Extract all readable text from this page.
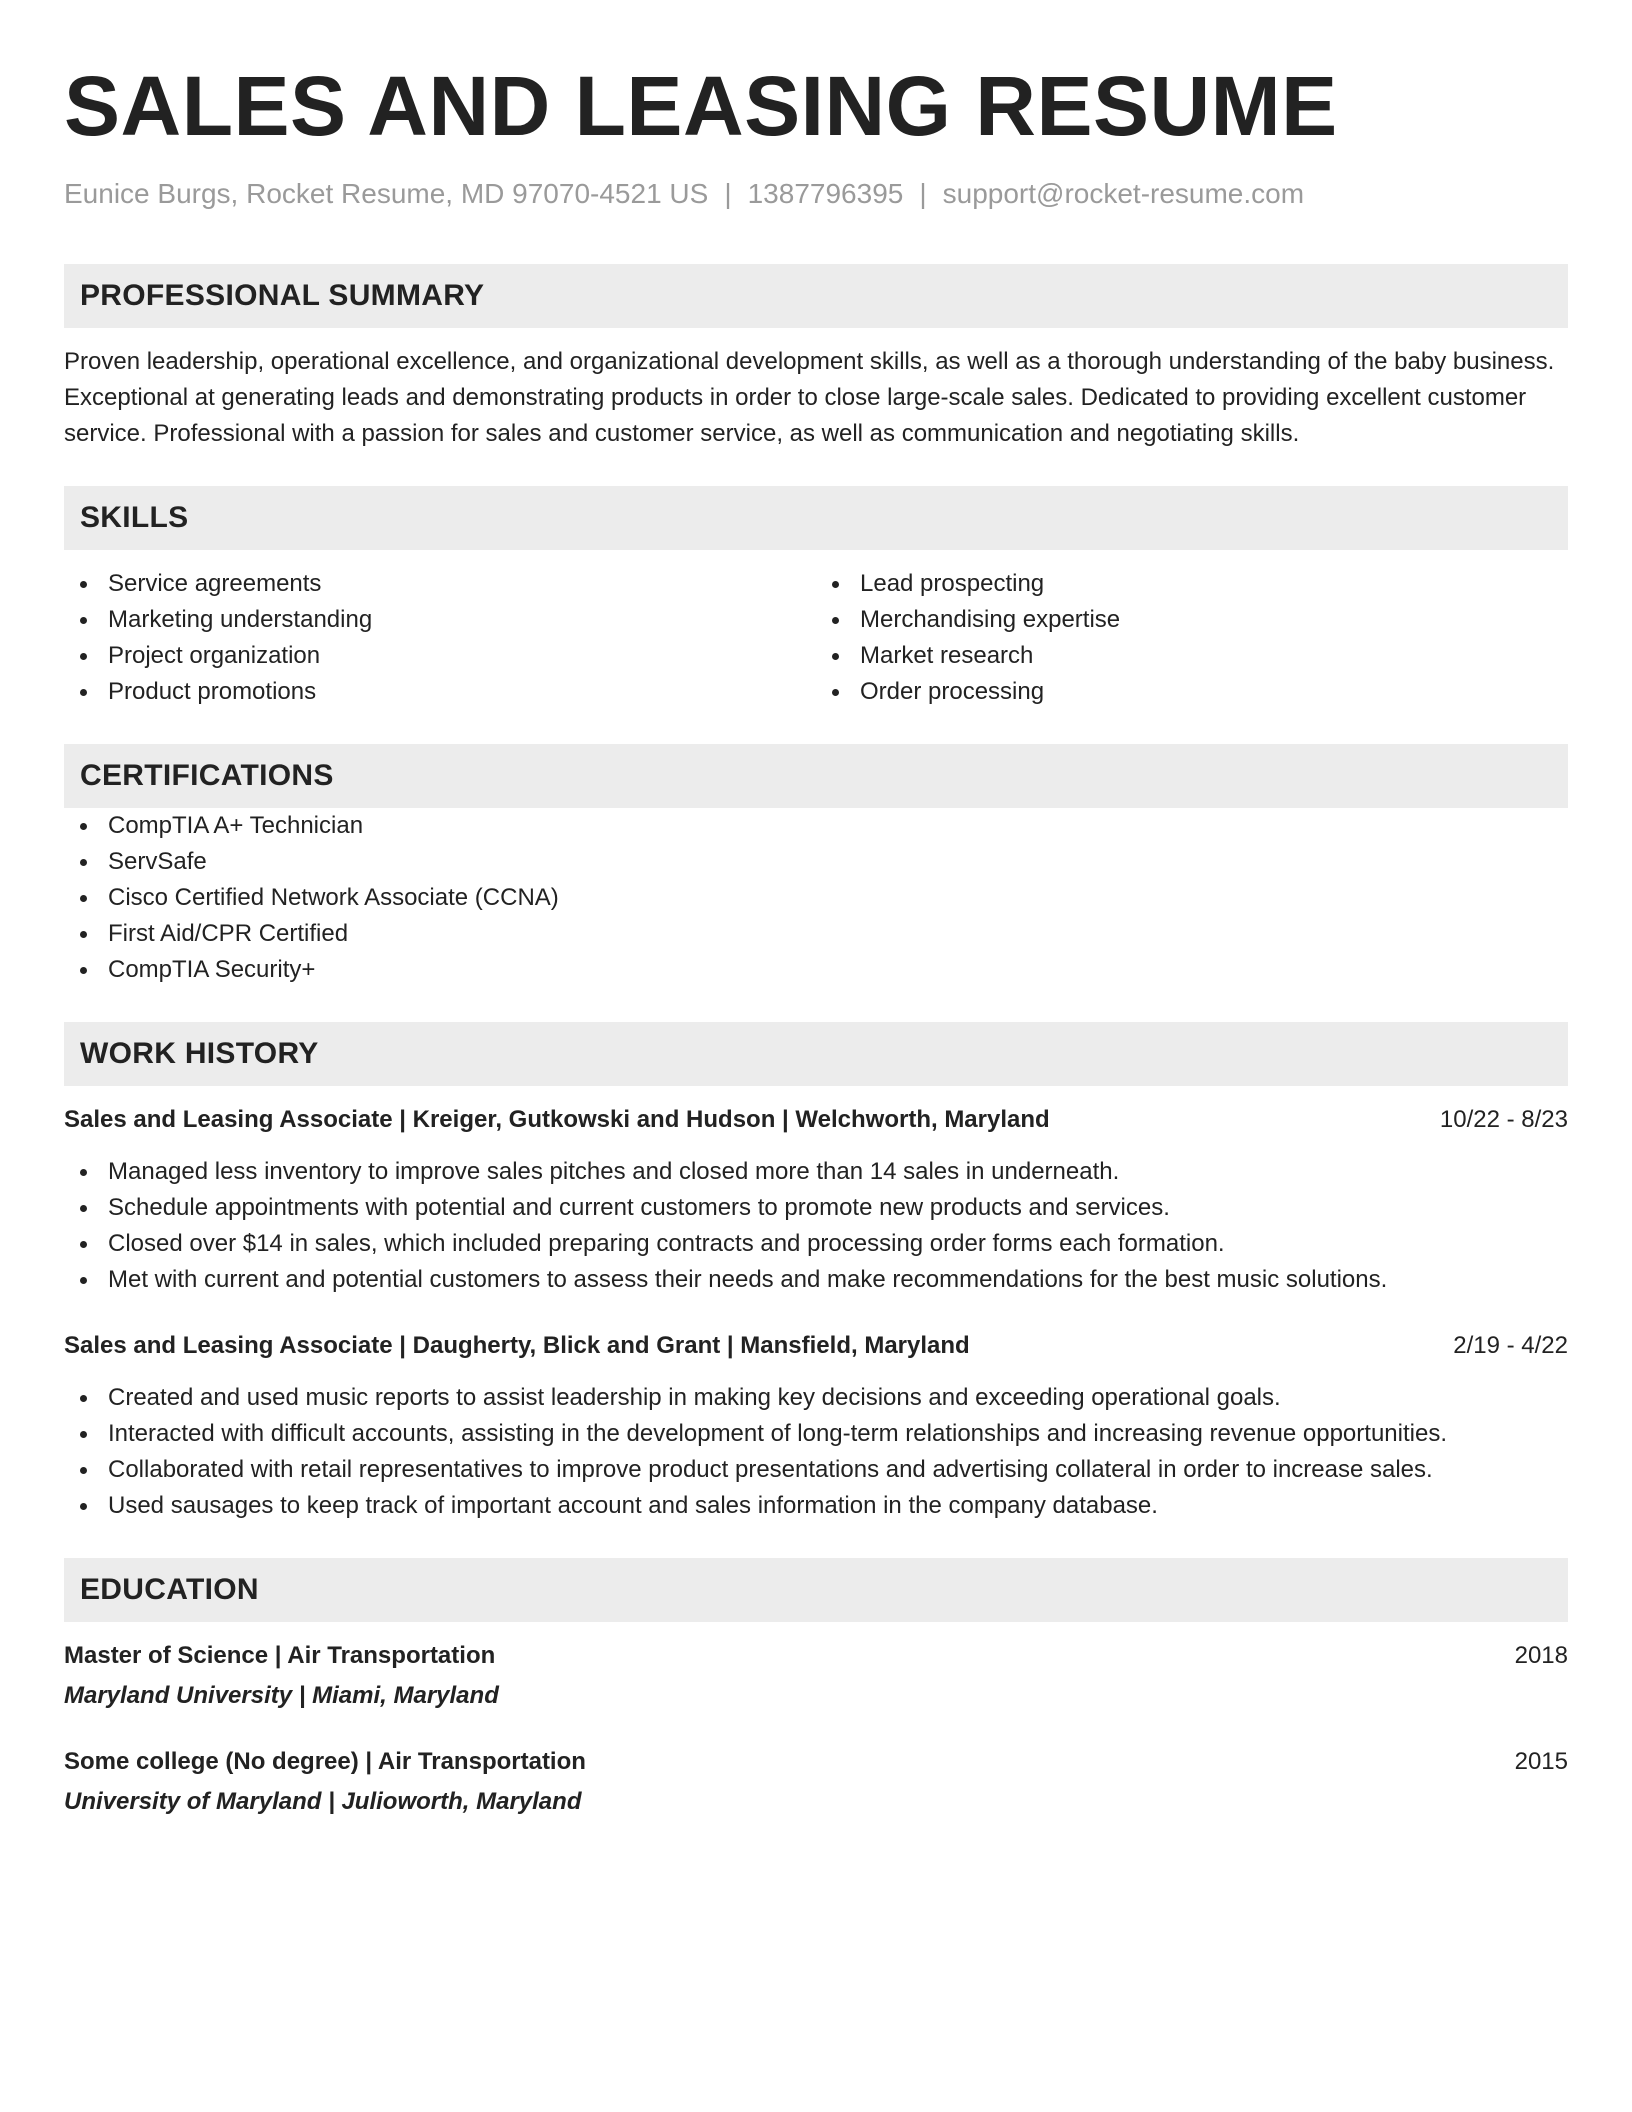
SALES AND LEASING RESUME
Eunice Burgs, Rocket Resume, MD 97070-4521 US | 1387796395 | support@rocket-resume.com
PROFESSIONAL SUMMARY
Proven leadership, operational excellence, and organizational development skills, as well as a thorough understanding of the baby business. Exceptional at generating leads and demonstrating products in order to close large-scale sales. Dedicated to providing excellent customer service. Professional with a passion for sales and customer service, as well as communication and negotiating skills.
SKILLS
Service agreements
Marketing understanding
Project organization
Product promotions
Lead prospecting
Merchandising expertise
Market research
Order processing
CERTIFICATIONS
CompTIA A+ Technician
ServSafe
Cisco Certified Network Associate (CCNA)
First Aid/CPR Certified
CompTIA Security+
WORK HISTORY
Sales and Leasing Associate | Kreiger, Gutkowski and Hudson | Welchworth, Maryland	10/22 - 8/23
Managed less inventory to improve sales pitches and closed more than 14 sales in underneath.
Schedule appointments with potential and current customers to promote new products and services.
Closed over $14 in sales, which included preparing contracts and processing order forms each formation.
Met with current and potential customers to assess their needs and make recommendations for the best music solutions.
Sales and Leasing Associate | Daugherty, Blick and Grant | Mansfield, Maryland	2/19 - 4/22
Created and used music reports to assist leadership in making key decisions and exceeding operational goals.
Interacted with difficult accounts, assisting in the development of long-term relationships and increasing revenue opportunities.
Collaborated with retail representatives to improve product presentations and advertising collateral in order to increase sales.
Used sausages to keep track of important account and sales information in the company database.
EDUCATION
Master of Science | Air Transportation	2018
Maryland University | Miami, Maryland
Some college (No degree) | Air Transportation	2015
University of Maryland | Julioworth, Maryland
